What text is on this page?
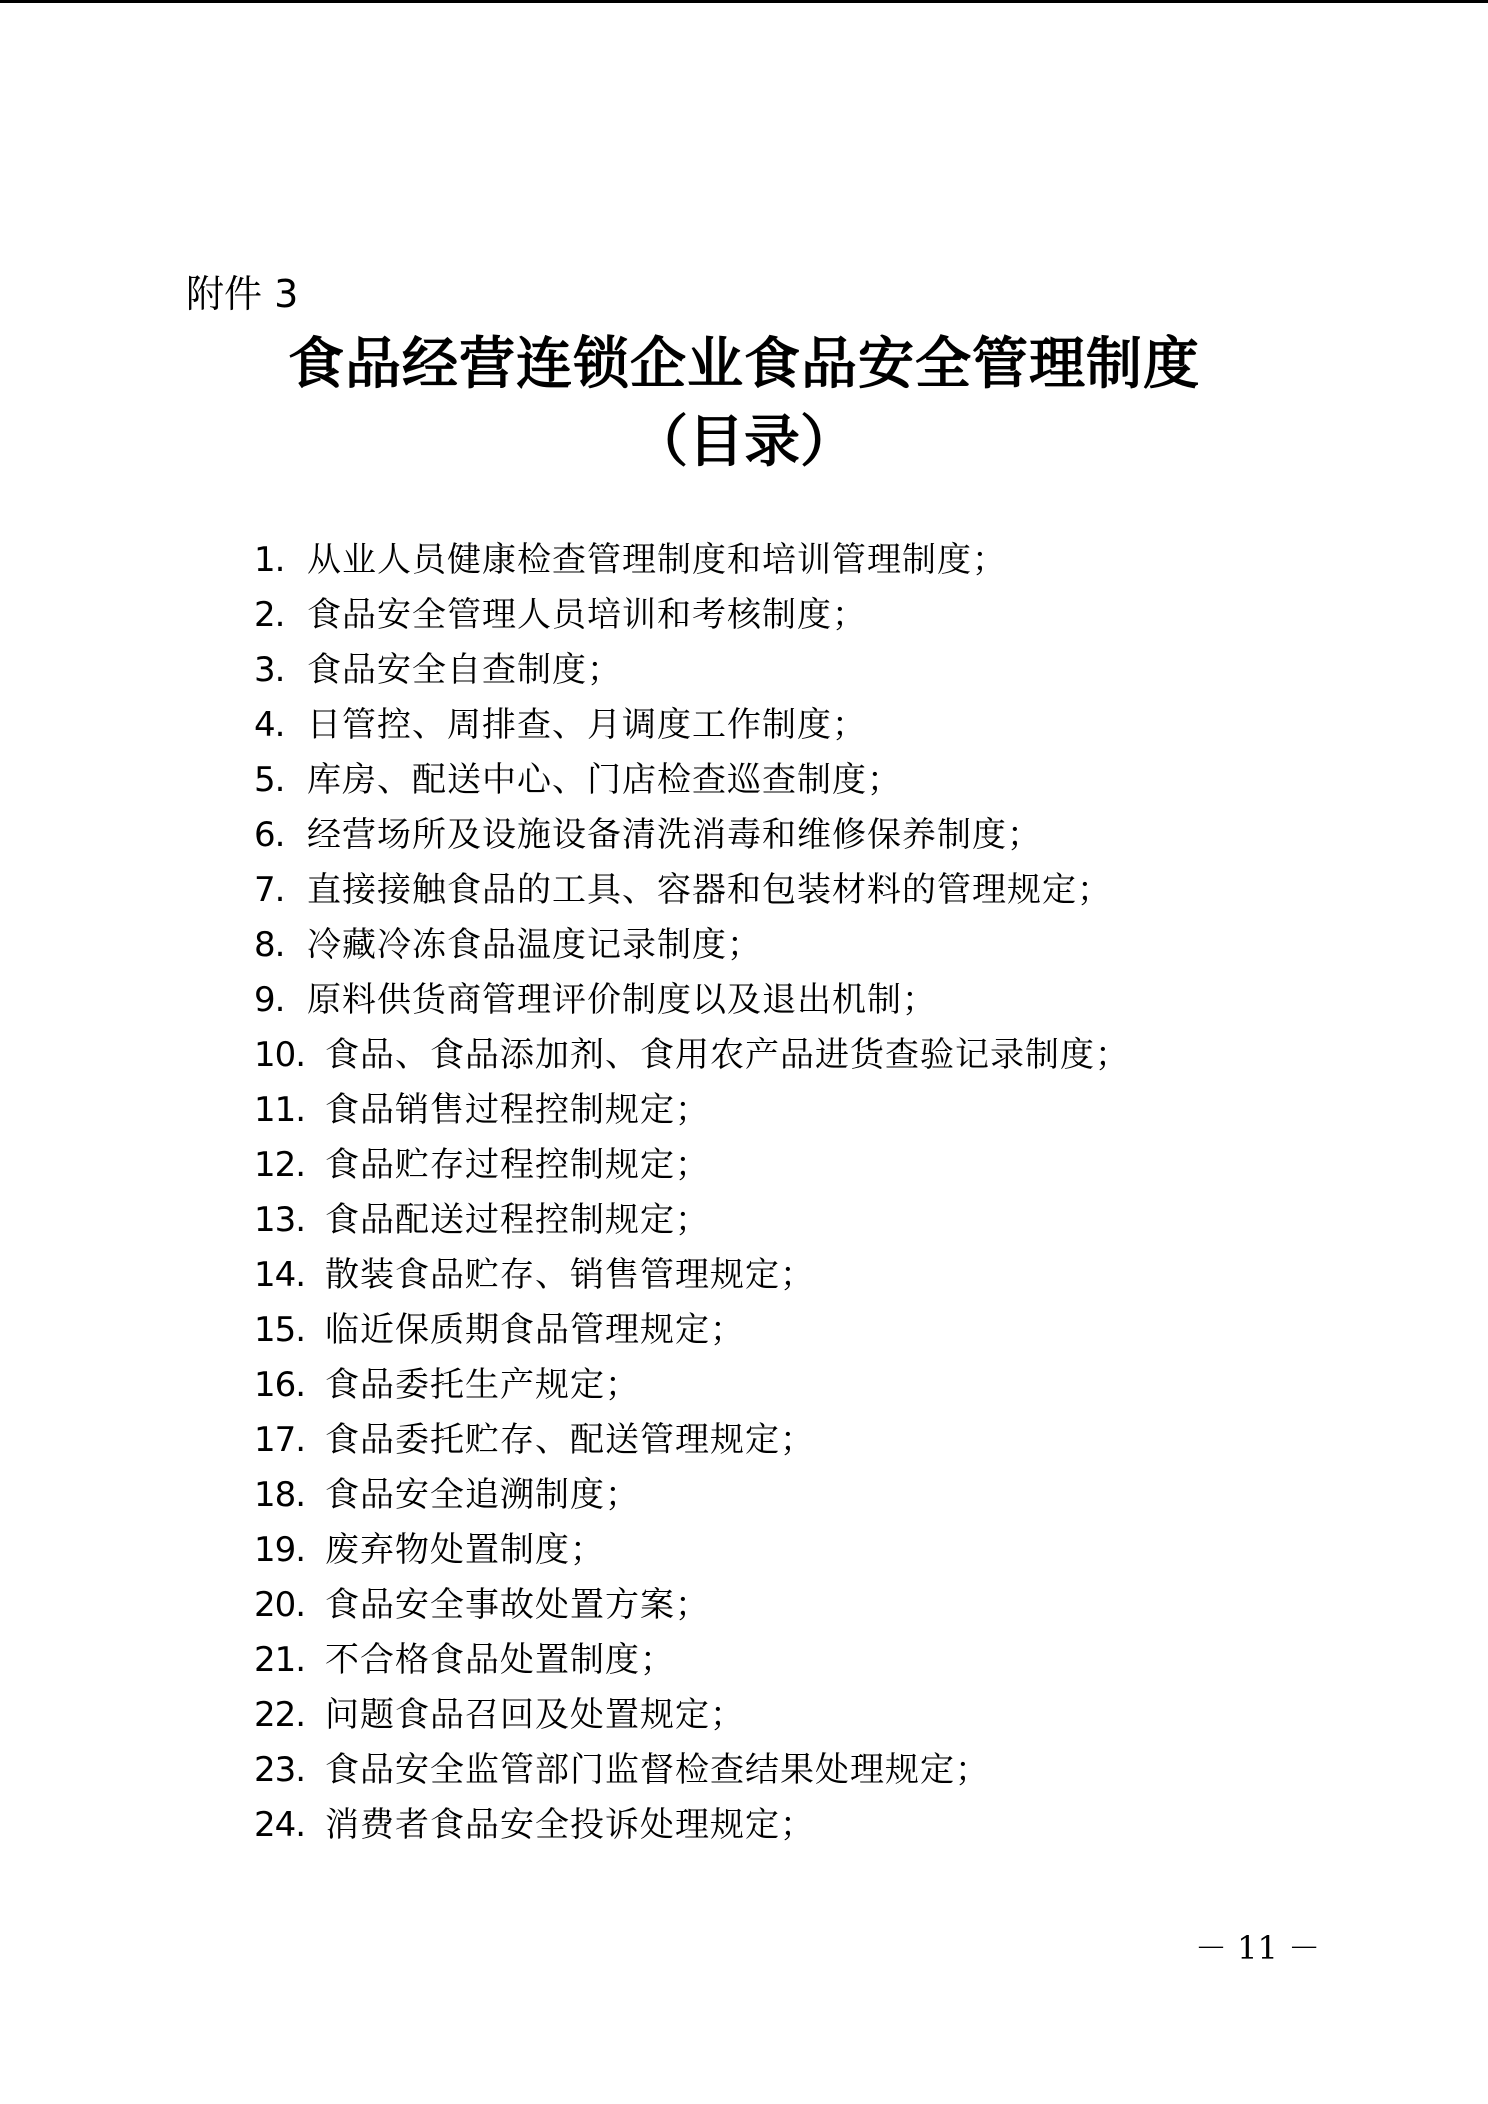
附件 3
食品经营连锁企业食品安全管理制度
（目录）
1. 从业人员健康检查管理制度和培训管理制度；
2. 食品安全管理人员培训和考核制度；
3. 食品安全自查制度；
4. 日管控、周排查、月调度工作制度；
5. 库房、配送中心、门店检查巡查制度；
6. 经营场所及设施设备清洗消毒和维修保养制度；
7. 直接接触食品的工具、容器和包装材料的管理规定；
8. 冷藏冷冻食品温度记录制度；
9. 原料供货商管理评价制度以及退出机制；
10. 食品、食品添加剂、食用农产品进货查验记录制度；
11. 食品销售过程控制规定；
12. 食品贮存过程控制规定；
13. 食品配送过程控制规定；
14. 散装食品贮存、销售管理规定；
15. 临近保质期食品管理规定；
16. 食品委托生产规定；
17. 食品委托贮存、配送管理规定；
18. 食品安全追溯制度；
19. 废弃物处置制度；
20. 食品安全事故处置方案；
21. 不合格食品处置制度；
22. 问题食品召回及处置规定；
23. 食品安全监管部门监督检查结果处理规定；
24. 消费者食品安全投诉处理规定；
－ 11 －
